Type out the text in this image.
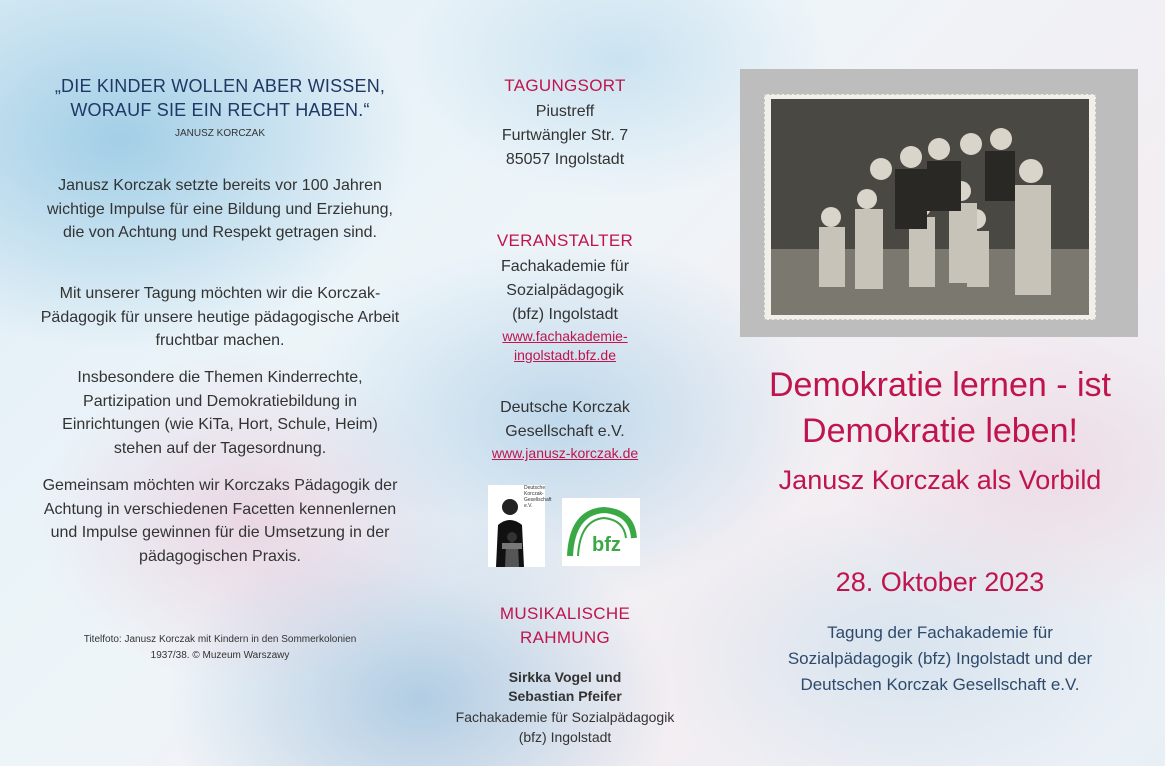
„DIE KINDER WOLLEN ABER WISSEN,
WORAUF SIE EIN RECHT HABEN.“
JANUSZ KORCZAK
Janusz Korczak setzte bereits vor 100 Jahren wichtige Impulse für eine Bildung und Erziehung, die von Achtung und Respekt getragen sind.
Mit unserer Tagung möchten wir die Korczak-Pädagogik für unsere heutige pädagogische Arbeit fruchtbar machen.
Insbesondere die Themen Kinderrechte, Partizipation und Demokratiebildung in Einrichtungen (wie KiTa, Hort, Schule, Heim) stehen auf der Tagesordnung.
Gemeinsam möchten wir Korczaks Pädagogik der Achtung in verschiedenen Facetten kennenlernen und Impulse gewinnen für die Umsetzung in der pädagogischen Praxis.
Titelfoto: Janusz Korczak mit Kindern in den Sommerkolonien
1937/38. © Muzeum Warszawy
TAGUNGSORT
Piustreff
Furtwängler Str. 7
85057 Ingolstadt
VERANSTALTER
Fachakademie für
Sozialpädagogik
(bfz) Ingolstadt
www.fachakademie-
ingolstadt.bfz.de
Deutsche Korczak
Gesellschaft e.V.
www.janusz-korczak.de
Deutsche
Korczak-
Gesellschaft
e.V.
bfz
MUSIKALISCHE
RAHMUNG
Sirkka Vogel und
Sebastian Pfeifer
Fachakademie für Sozialpädagogik
(bfz) Ingolstadt
Demokratie lernen - ist
Demokratie leben!
Janusz Korczak als Vorbild
28. Oktober 2023
Tagung der Fachakademie für
Sozialpädagogik (bfz) Ingolstadt und der
Deutschen Korczak Gesellschaft e.V.
